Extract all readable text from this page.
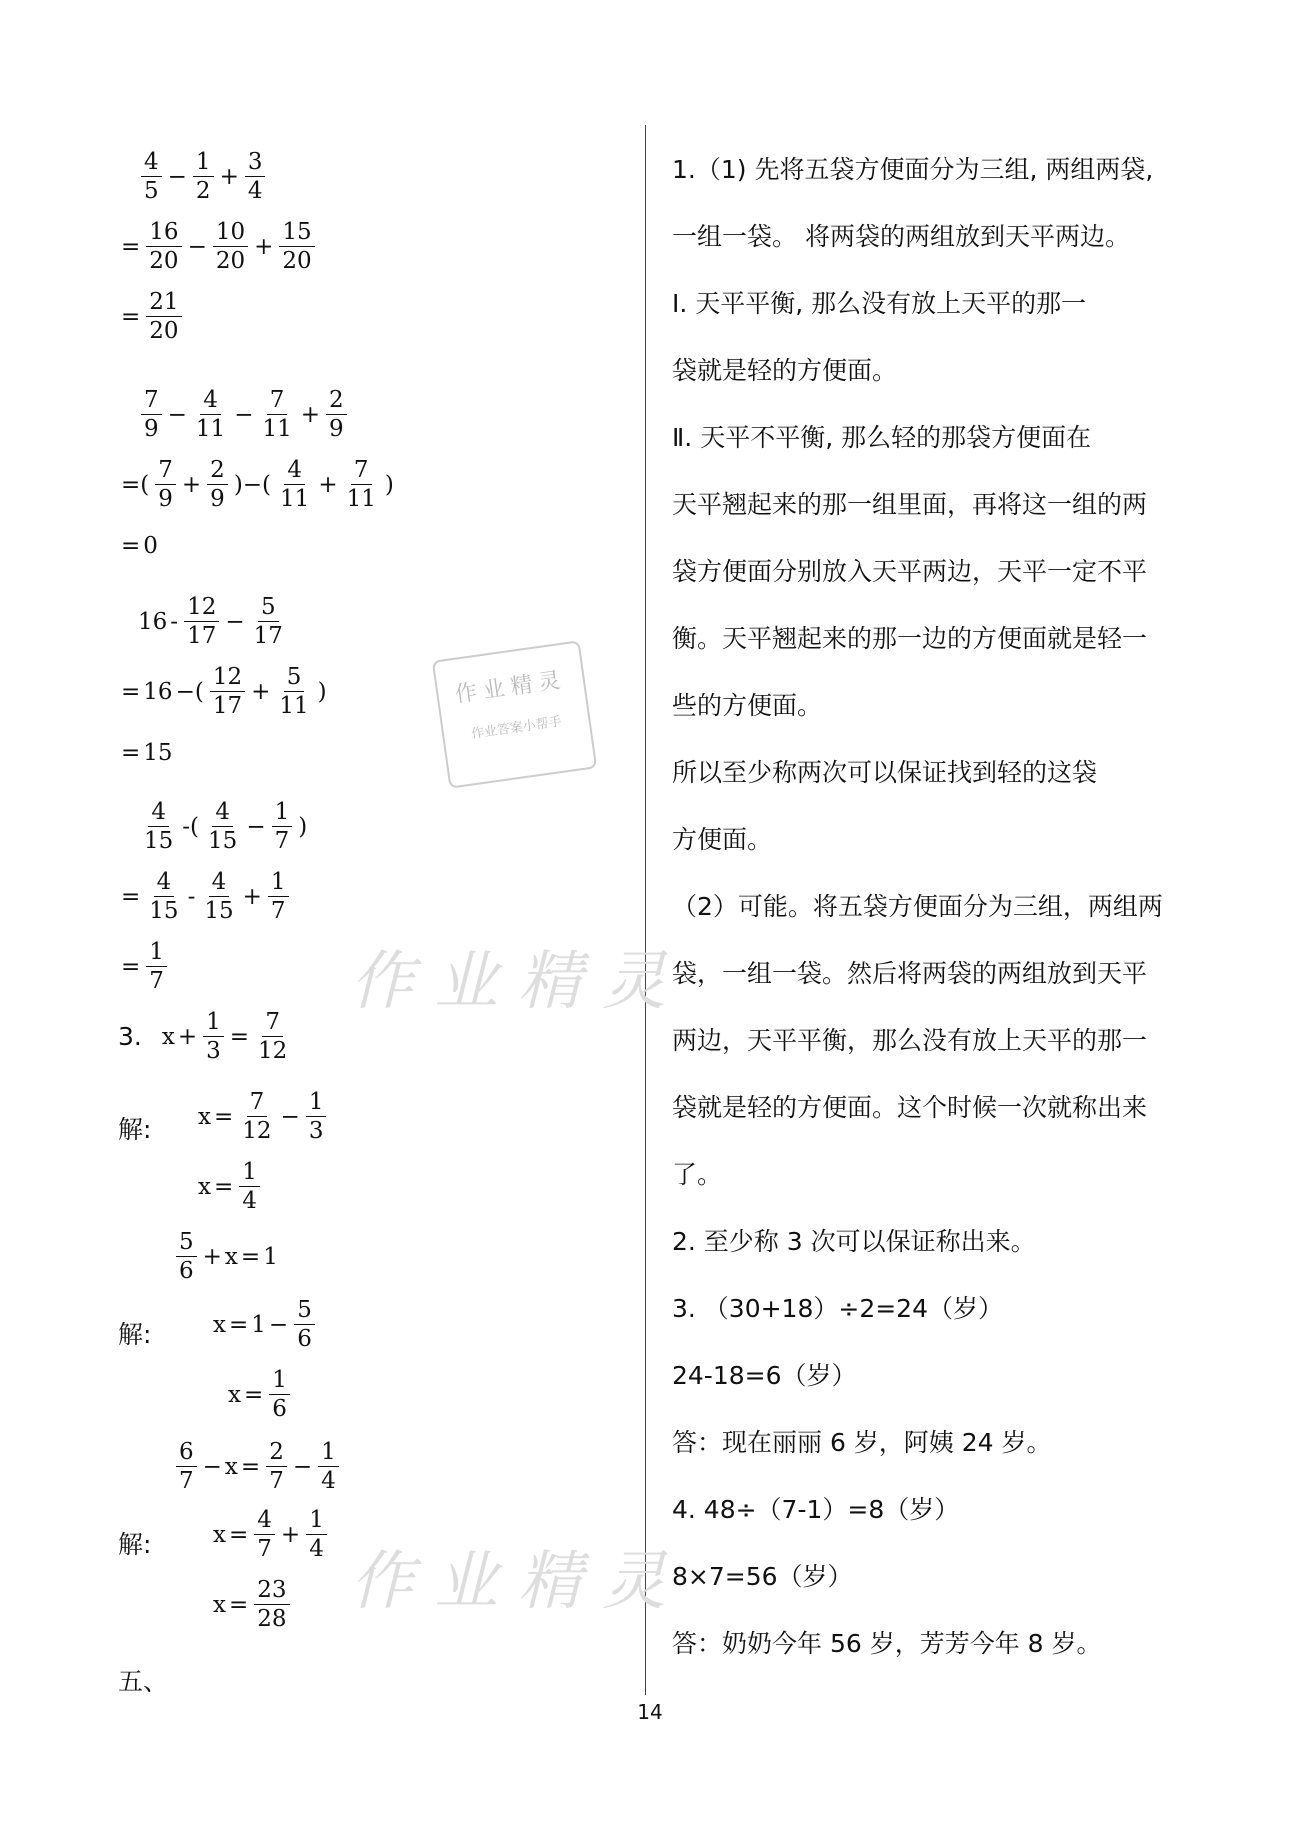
作业精灵
作业精灵
作业精灵
作业答案小帮手
$\frac{4}{5} - \frac{1}{2} + \frac{3}{4}$
= $\frac{16}{20} - \frac{10}{20} + \frac{15}{20}$
= $\frac{21}{20}$
$\frac{7}{9} - \frac{4}{11} - \frac{7}{11} + \frac{2}{9}$
=( $\frac{7}{9} + \frac{2}{9}$ )−( $\frac{4}{11} + \frac{7}{11}$ )
= 0
$16 - \frac{12}{17} - \frac{5}{17}$
= 16 −( $\frac{12}{17} + \frac{5}{11}$ )
= 15
$\frac{4}{15}$ -( $\frac{4}{15} - \frac{1}{7}$ )
= $\frac{4}{15} - \frac{4}{15} + \frac{1}{7}$
= $\frac{1}{7}$
3. $x + \frac{1}{3} = \frac{7}{12}$
解: $x = \frac{7}{12} - \frac{1}{3}$
$x = \frac{1}{4}$
$\frac{5}{6} + x = 1$
解:	$x = 1 - \frac{5}{6}$
$x = \frac{1}{6}$
$\frac{6}{7} - x = \frac{2}{7} - \frac{1}{4}$
解:	$x = \frac{4}{7} + \frac{1}{4}$
$x = \frac{23}{28}$
五、
1.（1) 先将五袋方便面分为三组, 两组两袋,
一组一袋。 将两袋的两组放到天平两边。
Ⅰ. 天平平衡, 那么没有放上天平的那一
袋就是轻的方便面。
Ⅱ. 天平不平衡, 那么轻的那袋方便面在
天平翘起来的那一组里面，再将这一组的两
袋方便面分别放入天平两边，天平一定不平
衡。天平翘起来的那一边的方便面就是轻一
些的方便面。
所以至少称两次可以保证找到轻的这袋
方便面。
（2）可能。将五袋方便面分为三组，两组两
袋，一组一袋。然后将两袋的两组放到天平
两边，天平平衡，那么没有放上天平的那一
袋就是轻的方便面。这个时候一次就称出来
了。
2. 至少称 3 次可以保证称出来。
3. （30+18）÷2=24（岁）
24-18=6（岁）
答：现在丽丽 6 岁，阿姨 24 岁。
4. 48÷（7-1）=8（岁）
8×7=56（岁）
答：奶奶今年 56 岁，芳芳今年 8 岁。
14
